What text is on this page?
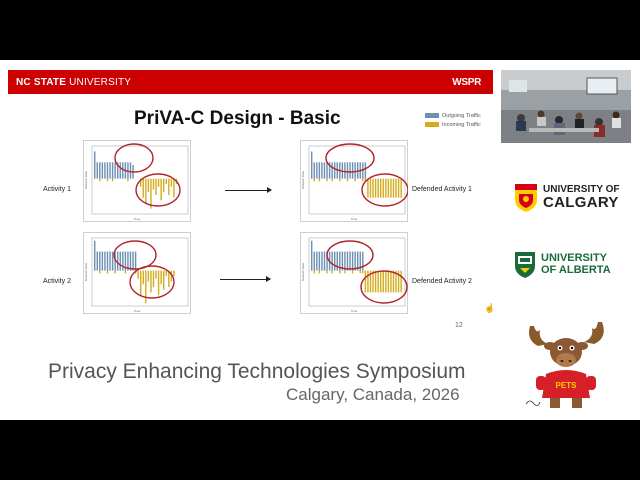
NC STATE UNIVERSITY	WSPR
PriVA-C Design - Basic	Outgoing Traffic
Incoming Traffic
Activity 1
Time
Network Data
Time
Network Data
Defended Activity 1
Activity 2
Time
Network Data
Time
Network Data
Defended Activity 2
12
☝
Privacy Enhancing Technologies Symposium
Calgary, Canada, 2026
UNIVERSITY OF
CALGARY
UNIVERSITY
OF ALBERTA
PETS
